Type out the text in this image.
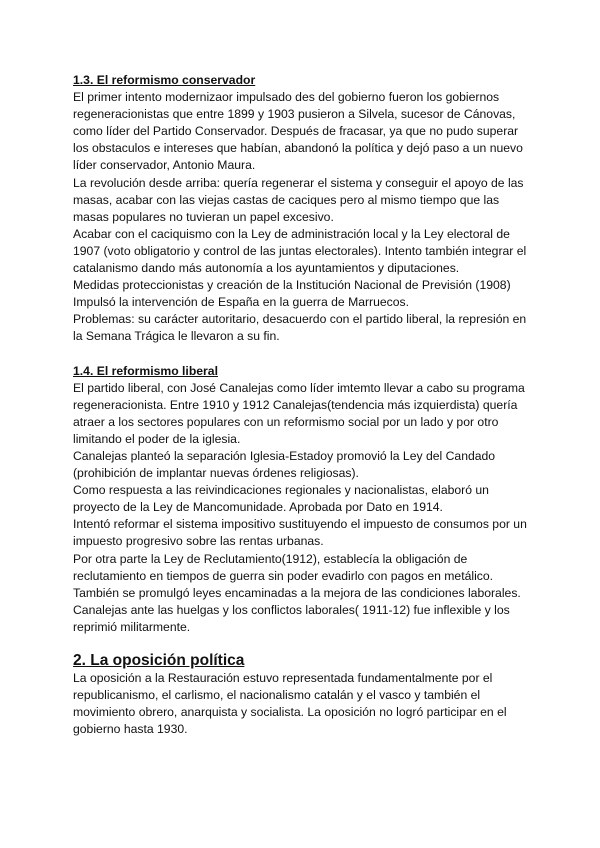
1.3. El reformismo conservador

El primer intento modernizaor impulsado des del gobierno fueron los gobiernos
regeneracionistas que entre 1899 y 1903 pusieron a Silvela, sucesor de Cánovas,
como líder del Partido Conservador. Después de fracasar, ya que no pudo superar
los obstaculos e intereses que habían, abandonó la política y dejó paso a un nuevo
líder conservador, Antonio Maura.

La revolución desde arriba: quería regenerar el sistema y conseguir el apoyo de las
masas, acabar con las viejas castas de caciques pero al mismo tiempo que las
masas populares no tuvieran un papel excesivo.

Acabar con el caciquismo con la Ley de administración local y la Ley electoral de
1907 (voto obligatorio y control de las juntas electorales). Intento también integrar el
catalanismo dando más autonomía a los ayuntamientos y diputaciones.

Medidas proteccionistas y creación de la Institución Nacional de Previsión (1908)

Impulsó la intervención de España en la guerra de Marruecos.

Problemas: su carácter autoritario, desacuerdo con el partido liberal, la represión en
la Semana Trágica le llevaron a su fin.

1.4. El reformismo liberal

El partido liberal, con José Canalejas como líder imtemto llevar a cabo su programa
regeneracionista. Entre 1910 y 1912 Canalejas(tendencia más izquierdista) quería
atraer a los sectores populares con un reformismo social por un lado y por otro
limitando el poder de la iglesia.

Canalejas planteó la separación Iglesia-Estadoy promovió la Ley del Candado
(prohibición de implantar nuevas órdenes religiosas).

Como respuesta a las reivindicaciones regionales y nacionalistas, elaboró un
proyecto de la Ley de Mancomunidade. Aprobada por Dato en 1914.

Intentó reformar el sistema impositivo sustituyendo el impuesto de consumos por un
impuesto progresivo sobre las rentas urbanas.

Por otra parte la Ley de Reclutamiento(1912), establecía la obligación de
reclutamiento en tiempos de guerra sin poder evadirlo con pagos en metálico.

También se promulgó leyes encaminadas a la mejora de las condiciones laborales.

Canalejas ante las huelgas y los conflictos laborales( 1911-12) fue inflexible y los
reprimió militarmente.

2. La oposición política

La oposición a la Restauración estuvo representada fundamentalmente por el
republicanismo, el carlismo, el nacionalismo catalán y el vasco y también el
movimiento obrero, anarquista y socialista. La oposición no logró participar en el
gobierno hasta 1930.
